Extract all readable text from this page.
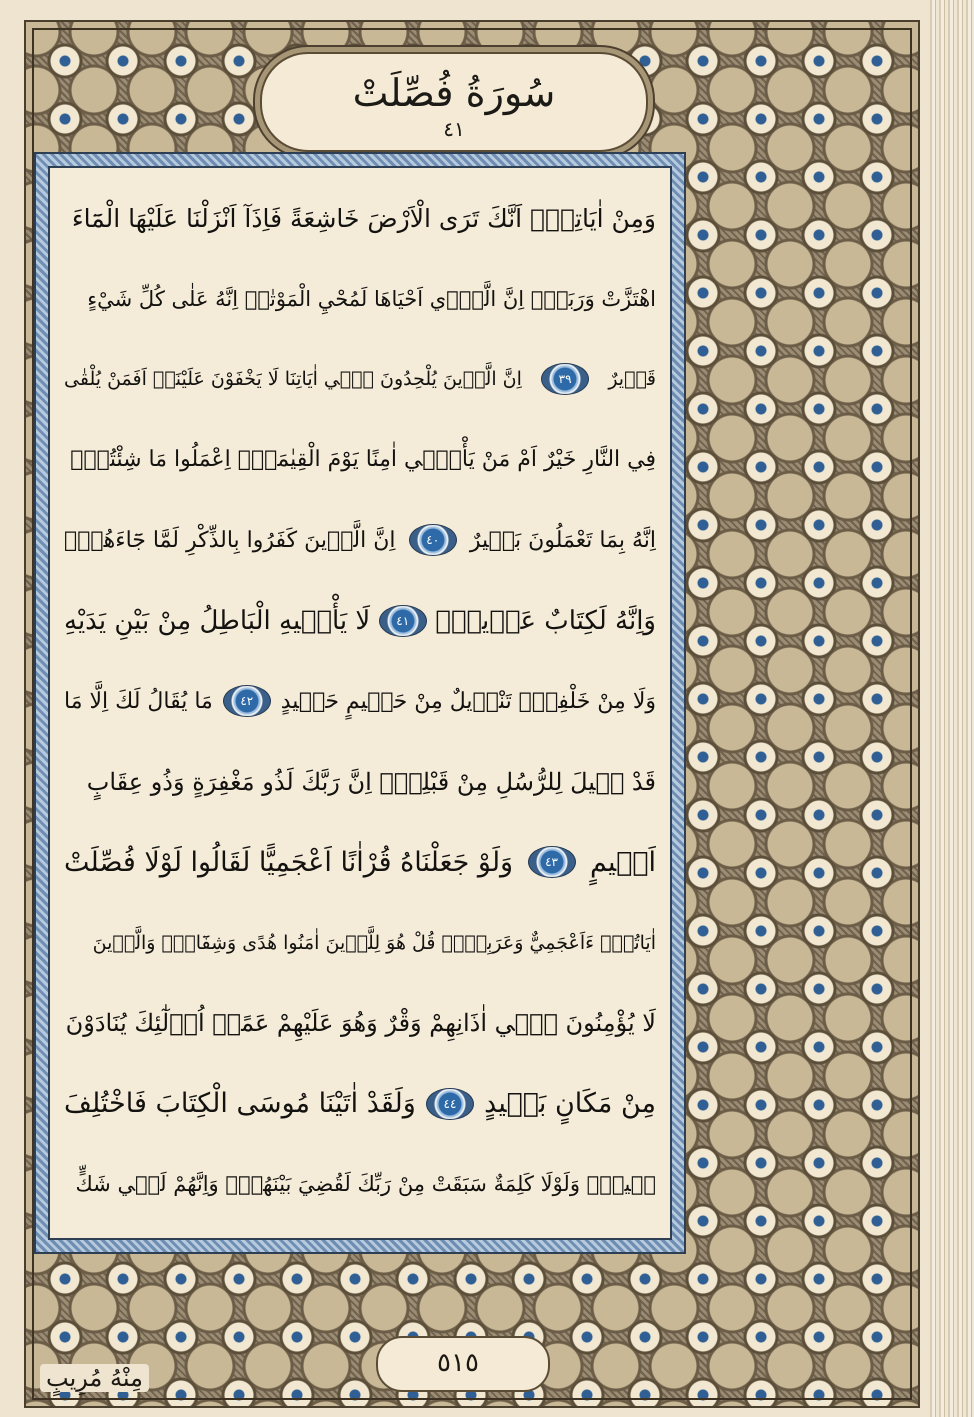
سُورَةُ فُصِّلَتْ
٤١
وَمِنْ اٰيَاتِهٖٓ اَنَّكَ تَرَى الْاَرْضَ خَاشِعَةً فَاِذَآ اَنْزَلْنَا عَلَيْهَا الْمَٓاءَ
اهْتَزَّتْ وَرَبَتْۜ اِنَّ الَّذ۪ٓي اَحْيَاهَا لَمُحْيِ الْمَوْتٰىۜ اِنَّهُ عَلٰى كُلِّ شَيْءٍ
قَد۪يرٌ
٣٩
اِنَّ الَّذ۪ينَ يُلْحِدُونَ ف۪ٓي اٰيَاتِنَا لَا يَخْفَوْنَ عَلَيْنَاۜ اَفَمَنْ يُلْقٰى
فِي النَّارِ خَيْرٌ اَمْ مَنْ يَأْت۪ٓي اٰمِنًا يَوْمَ الْقِيٰمَةِۜ اِعْمَلُوا مَا شِئْتُمْۙ
اِنَّهُ بِمَا تَعْمَلُونَ بَص۪يرٌ
٤٠
اِنَّ الَّذ۪ينَ كَفَرُوا بِالذِّكْرِ لَمَّا جَٓاءَهُمْۚ
وَاِنَّهُ لَكِتَابٌ عَز۪يزٌۙ
٤١
لَا يَأْت۪يهِ الْبَاطِلُ مِنْ بَيْنِ يَدَيْهِ
وَلَا مِنْ خَلْفِه۪ۜ تَنْز۪يلٌ مِنْ حَك۪يمٍ حَم۪يدٍ
٤٢
مَا يُقَالُ لَكَ اِلَّا مَا
قَدْ ق۪يلَ لِلرُّسُلِ مِنْ قَبْلِكَۜ اِنَّ رَبَّكَ لَذُو مَغْفِرَةٍ وَذُو عِقَابٍ
اَل۪يمٍ
٤٣
وَلَوْ جَعَلْنَاهُ قُرْاٰنًا اَعْجَمِيًّا لَقَالُوا لَوْلَا فُصِّلَتْ
اٰيَاتُهُۜ ءَاَعْجَمِيٌّ وَعَرَبِيٌّۜ قُلْ هُوَ لِلَّذ۪ينَ اٰمَنُوا هُدًى وَشِفَٓاءٌۜ وَالَّذ۪ينَ
لَا يُؤْمِنُونَ ف۪ٓي اٰذَانِهِمْ وَقْرٌ وَهُوَ عَلَيْهِمْ عَمًىۜ اُو۬لٰٓئِكَ يُنَادَوْنَ
مِنْ مَكَانٍ بَع۪يدٍ
٤٤
وَلَقَدْ اٰتَيْنَا مُوسَى الْكِتَابَ فَاخْتُلِفَ
ف۪يهِۜ وَلَوْلَا كَلِمَةٌ سَبَقَتْ مِنْ رَبِّكَ لَقُضِيَ بَيْنَهُمْۜ وَاِنَّهُمْ لَف۪ي شَكٍّ
٥١٥
مِنْهُ مُرِيبٍ
